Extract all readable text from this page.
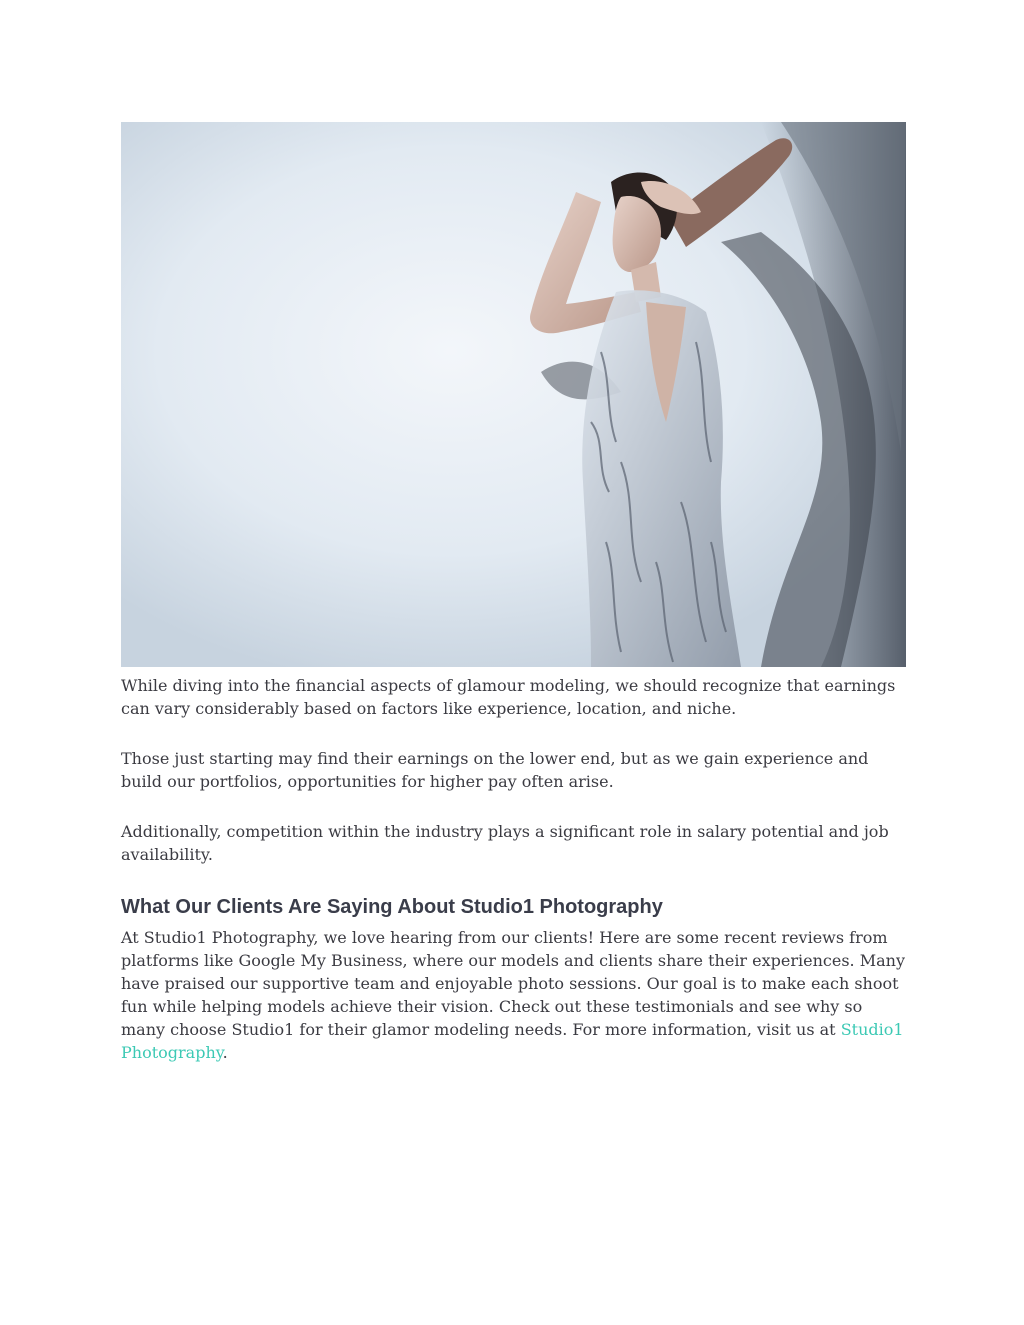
While diving into the financial aspects of glamour modeling, we should recognize that earnings can vary considerably based on factors like experience, location, and niche.

Those just starting may find their earnings on the lower end, but as we gain experience and build our portfolios, opportunities for higher pay often arise.

Additionally, competition within the industry plays a significant role in salary potential and job availability.

What Our Clients Are Saying About Studio1 Photography

At Studio1 Photography, we love hearing from our clients! Here are some recent reviews from platforms like Google My Business, where our models and clients share their experiences. Many have praised our supportive team and enjoyable photo sessions. Our goal is to make each shoot fun while helping models achieve their vision. Check out these testimonials and see why so many choose Studio1 for their glamor modeling needs. For more information, visit us at Studio1 Photography.
